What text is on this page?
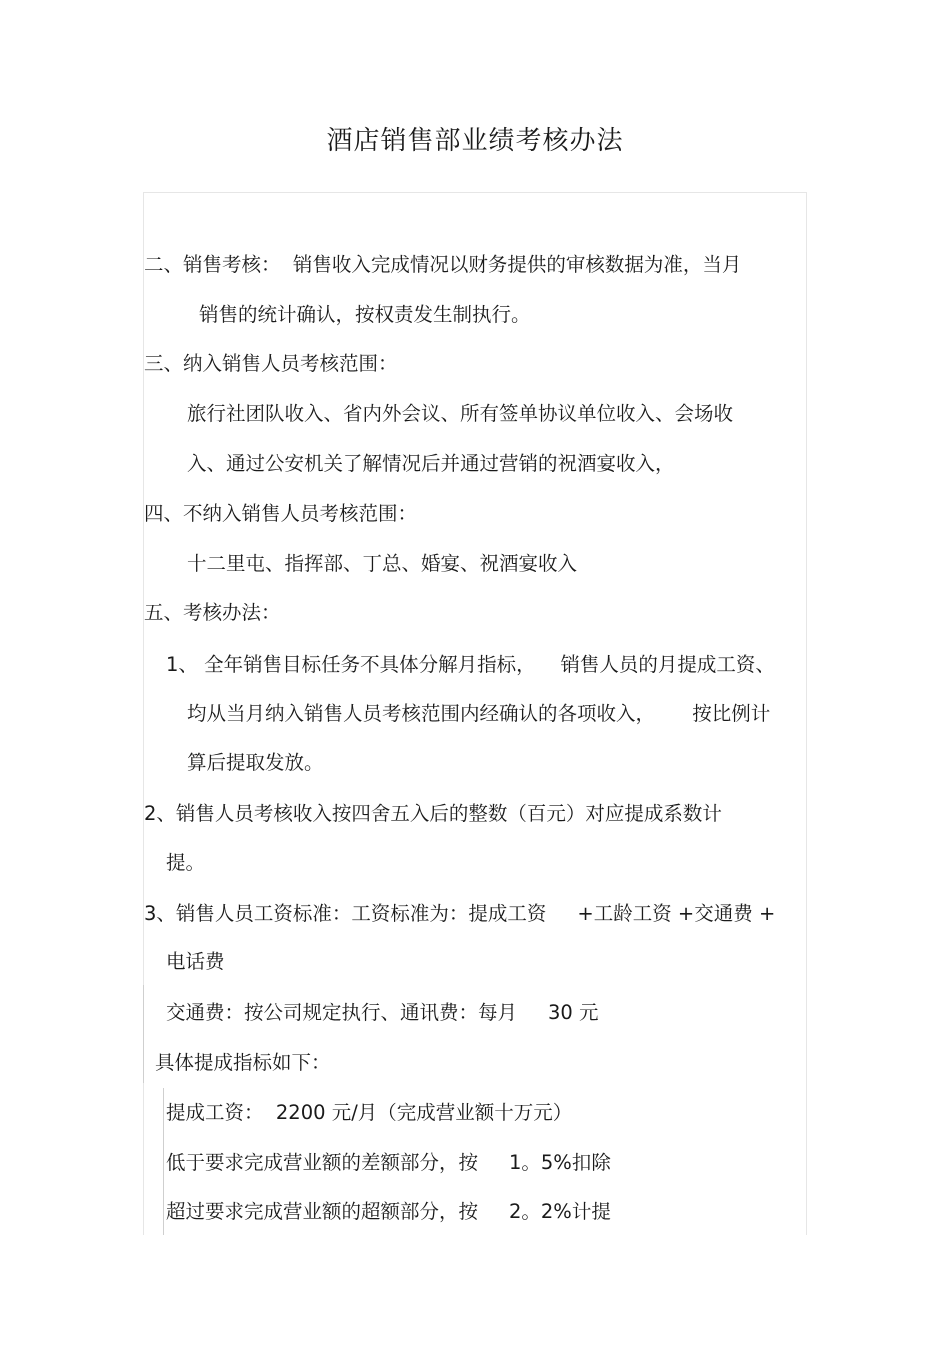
酒店销售部业绩考核办法
二、销售考核：  销售收入完成情况以财务提供的审核数据为准，当月
销售的统计确认，按权责发生制执行。
三、纳入销售人员考核范围：
旅行社团队收入、省内外会议、所有签单协议单位收入、会场收
入、通过公安机关了解情况后并通过营销的祝酒宴收入，
四、不纳入销售人员考核范围：
十二里屯、指挥部、丁总、婚宴、祝酒宴收入
五、考核办法：
1、 全年销售目标任务不具体分解月指标，    销售人员的月提成工资、
均从当月纳入销售人员考核范围内经确认的各项收入，      按比例计
算后提取发放。
2、销售人员考核收入按四舍五入后的整数（百元）对应提成系数计
提。
3、销售人员工资标准：工资标准为：提成工资     +工龄工资 +交通费 +
电话费
交通费：按公司规定执行、通讯费：每月     30 元
具体提成指标如下：
提成工资：  2200 元/月（完成营业额十万元）
低于要求完成营业额的差额部分，按     1。5%扣除
超过要求完成营业额的超额部分，按     2。2%计提
